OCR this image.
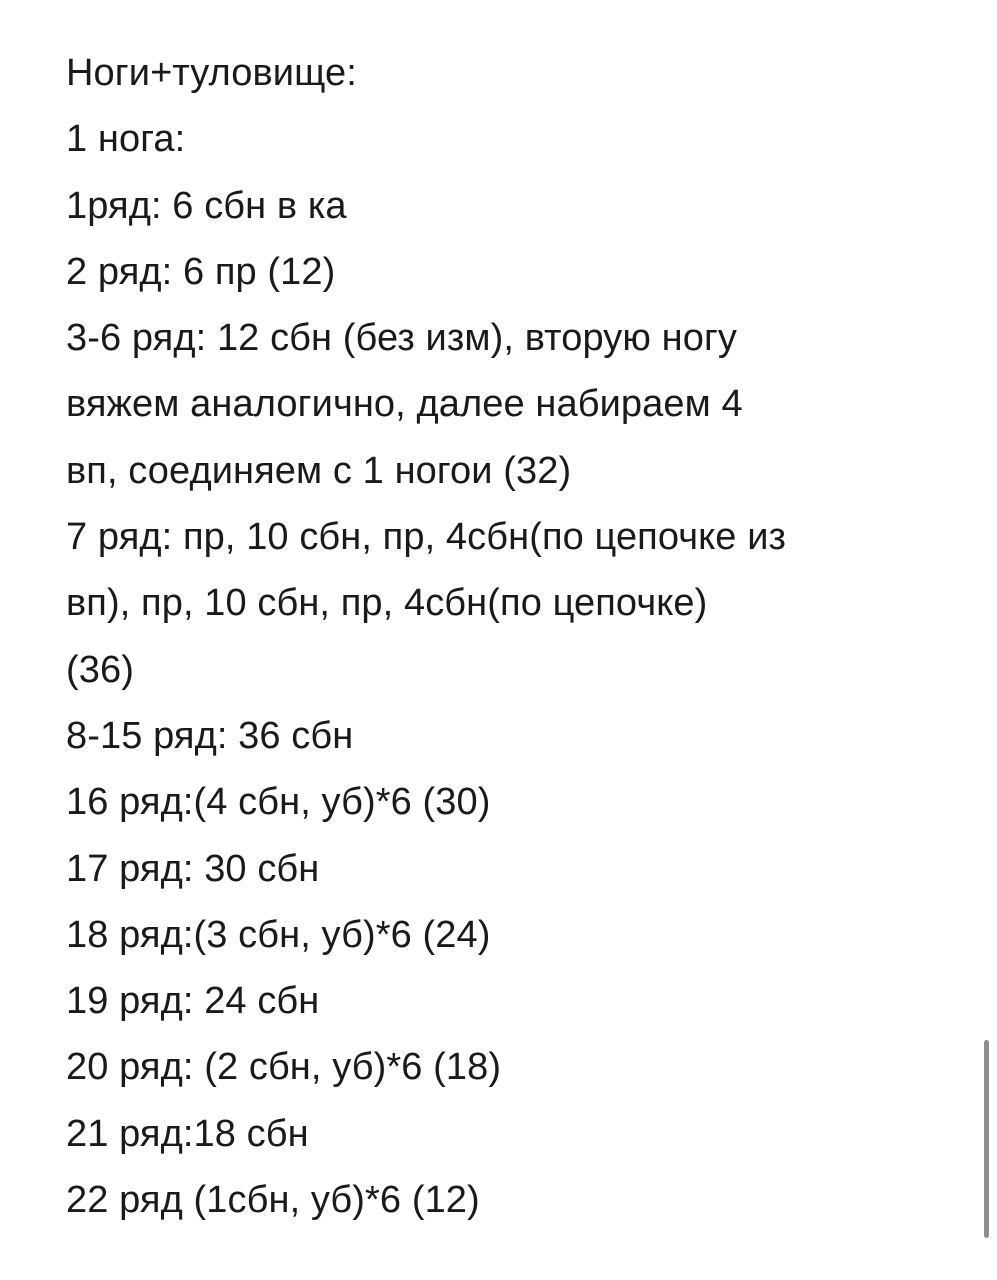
Ноги+туловище:
1 нога:
1ряд: 6 сбн в ка
2 ряд: 6 пр (12)
3-6 ряд: 12 сбн (без изм), вторую ногу
вяжем аналогично, далее набираем 4
вп, соединяем с 1 ногои (32)
7 ряд: пр, 10 сбн, пр, 4сбн(по цепочке из
вп), пр, 10 сбн, пр, 4сбн(по цепочке)
(36)
8-15 ряд: 36 сбн
16 ряд:(4 сбн, уб)*6 (30)
17 ряд: 30 сбн
18 ряд:(3 сбн, уб)*6 (24)
19 ряд: 24 сбн
20 ряд: (2 сбн, уб)*6 (18)
21 ряд:18 сбн
22 ряд (1сбн, уб)*6 (12)
